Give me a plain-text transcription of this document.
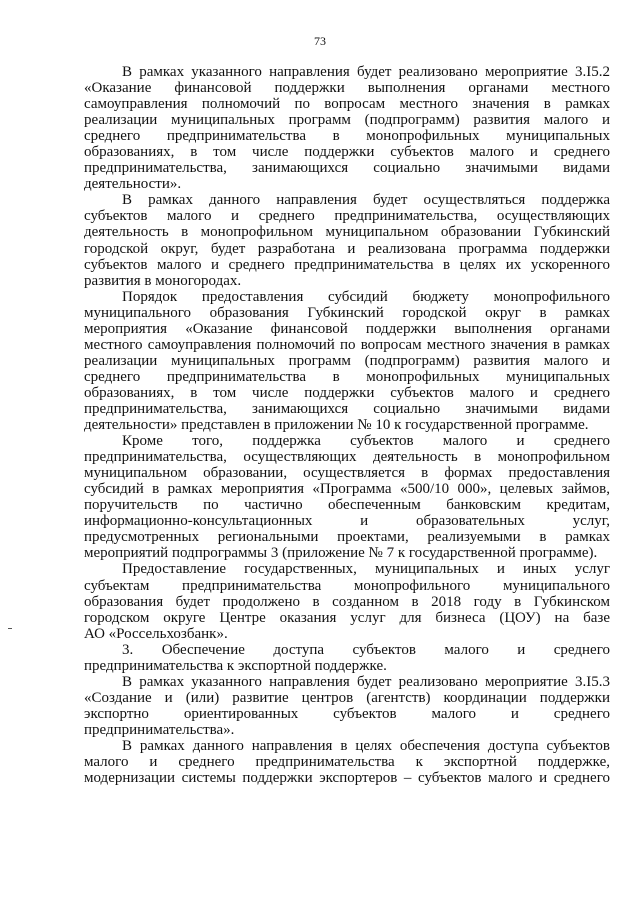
73
В рамках указанного направления будет реализовано мероприятие 3.I5.2
«Оказание финансовой поддержки выполнения органами местного
самоуправления полномочий по вопросам местного значения в рамках
реализации муниципальных программ (подпрограмм) развития малого и
среднего предпринимательства в монопрофильных муниципальных
образованиях, в том числе поддержки субъектов малого и среднего
предпринимательства, занимающихся социально значимыми видами
деятельности».
В рамках данного направления будет осуществляться поддержка
субъектов малого и среднего предпринимательства, осуществляющих
деятельность в монопрофильном муниципальном образовании Губкинский
городской округ, будет разработана и реализована программа поддержки
субъектов малого и среднего предпринимательства в целях их ускоренного
развития в моногородах.
Порядок предоставления субсидий бюджету монопрофильного
муниципального образования Губкинский городской округ в рамках
мероприятия «Оказание финансовой поддержки выполнения органами
местного самоуправления полномочий по вопросам местного значения в рамках
реализации муниципальных программ (подпрограмм) развития малого и
среднего предпринимательства в монопрофильных муниципальных
образованиях, в том числе поддержки субъектов малого и среднего
предпринимательства, занимающихся социально значимыми видами
деятельности» представлен в приложении № 10 к государственной программе.
Кроме того, поддержка субъектов малого и среднего
предпринимательства, осуществляющих деятельность в монопрофильном
муниципальном образовании, осуществляется в формах предоставления
субсидий в рамках мероприятия «Программа «500/10 000», целевых займов,
поручительств по частично обеспеченным банковским кредитам,
информационно-консультационных и образовательных услуг,
предусмотренных региональными проектами, реализуемыми в рамках
мероприятий подпрограммы 3 (приложение № 7 к государственной программе).
Предоставление государственных, муниципальных и иных услуг
субъектам предпринимательства монопрофильного муниципального
образования будет продолжено в созданном в 2018 году в Губкинском
городском округе Центре оказания услуг для бизнеса (ЦОУ) на базе
АО «Россельхозбанк».
3. Обеспечение доступа субъектов малого и среднего
предпринимательства к экспортной поддержке.
В рамках указанного направления будет реализовано мероприятие 3.I5.3
«Создание и (или) развитие центров (агентств) координации поддержки
экспортно ориентированных субъектов малого и среднего
предпринимательства».
В рамках данного направления в целях обеспечения доступа субъектов
малого и среднего предпринимательства к экспортной поддержке,
модернизации системы поддержки экспортеров – субъектов малого и среднего
